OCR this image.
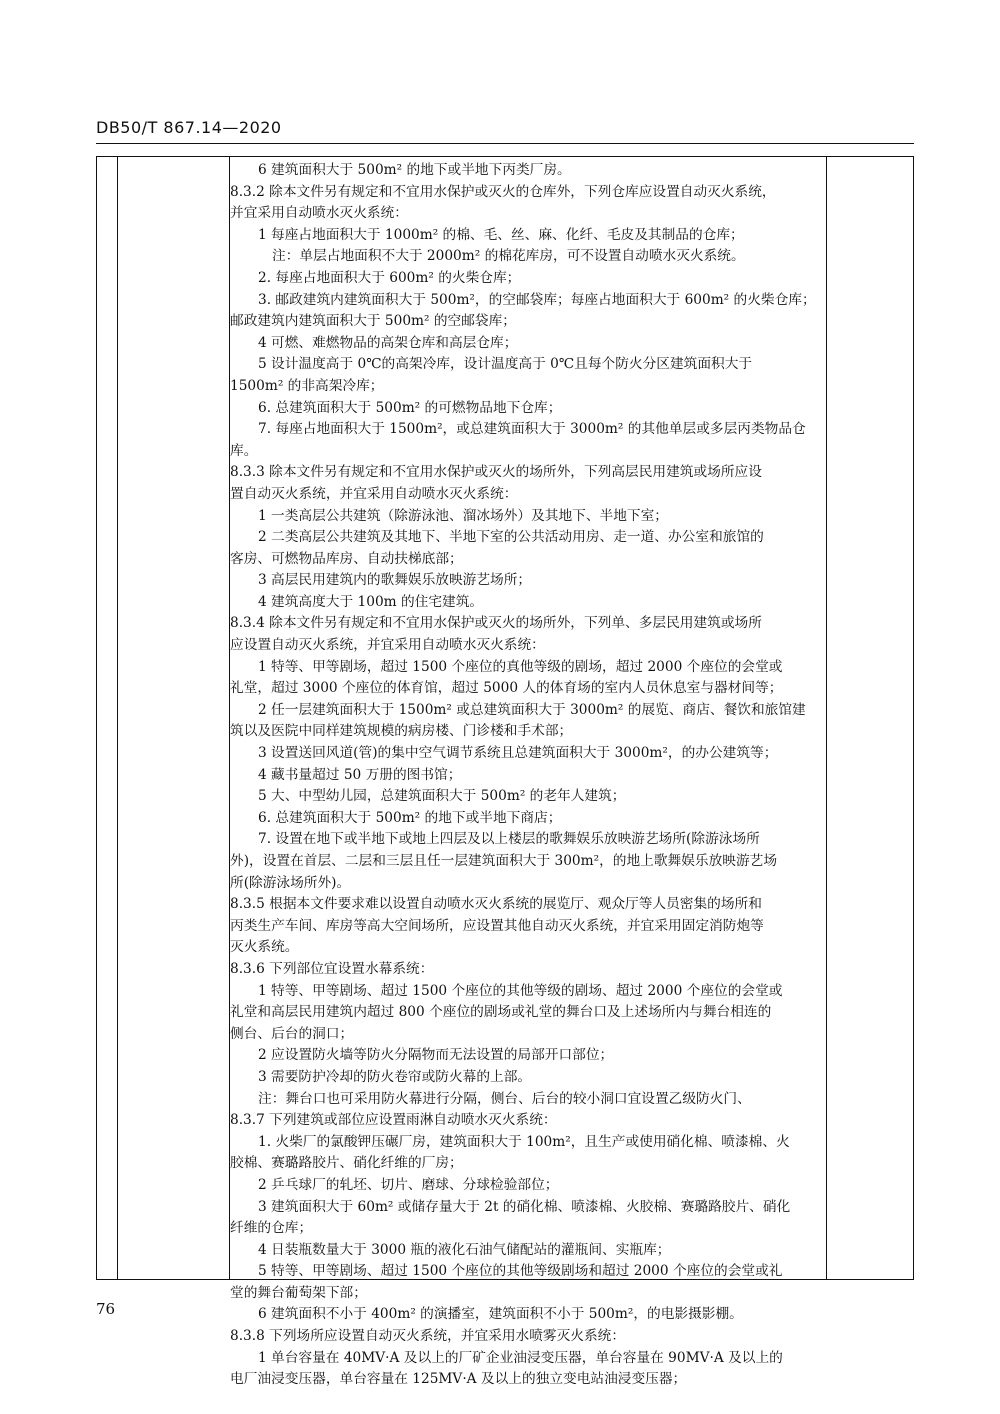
DB50/T 867.14—2020
6 建筑面积大于 500m² 的地下或半地下丙类厂房。
8.3.2 除本文件另有规定和不宜用水保护或灭火的仓库外，下列仓库应设置自动灭火系统，
并宜采用自动喷水灭火系统：
1 每座占地面积大于 1000m² 的棉、毛、丝、麻、化纤、毛皮及其制品的仓库；
注：单层占地面积不大于 2000m² 的棉花库房，可不设置自动喷水灭火系统。
2. 每座占地面积大于 600m² 的火柴仓库；
3. 邮政建筑内建筑面积大于 500m²，的空邮袋库；每座占地面积大于 600m² 的火柴仓库；
邮政建筑内建筑面积大于 500m² 的空邮袋库；
4 可燃、难燃物品的高架仓库和高层仓库；
5 设计温度高于 0℃的高架冷库，设计温度高于 0℃且每个防火分区建筑面积大于
1500m² 的非高架冷库；
6. 总建筑面积大于 500m² 的可燃物品地下仓库；
7. 每座占地面积大于 1500m²，或总建筑面积大于 3000m² 的其他单层或多层丙类物品仓
库。
8.3.3 除本文件另有规定和不宜用水保护或灭火的场所外，下列高层民用建筑或场所应设
置自动灭火系统，并宜采用自动喷水灭火系统：
1 一类高层公共建筑（除游泳池、溜冰场外）及其地下、半地下室；
2 二类高层公共建筑及其地下、半地下室的公共活动用房、走一道、办公室和旅馆的
客房、可燃物品库房、自动扶梯底部；
3 高层民用建筑内的歌舞娱乐放映游艺场所；
4 建筑高度大于 100m 的住宅建筑。
8.3.4 除本文件另有规定和不宜用水保护或灭火的场所外，下列单、多层民用建筑或场所
应设置自动灭火系统，并宜采用自动喷水灭火系统：
1 特等、甲等剧场，超过 1500 个座位的真他等级的剧场，超过 2000 个座位的会堂或
礼堂，超过 3000 个座位的体育馆，超过 5000 人的体育场的室内人员休息室与器材间等；
2 任一层建筑面积大于 1500m² 或总建筑面积大于 3000m² 的展览、商店、餐饮和旅馆建
筑以及医院中同样建筑规模的病房楼、门诊楼和手术部；
3 设置送回风道(管)的集中空气调节系统且总建筑面积大于 3000m²，的办公建筑等；
4 藏书量超过 50 万册的图书馆；
5 大、中型幼儿园，总建筑面积大于 500m² 的老年人建筑；
6. 总建筑面积大于 500m² 的地下或半地下商店；
7. 设置在地下或半地下或地上四层及以上楼层的歌舞娱乐放映游艺场所(除游泳场所
外)，设置在首层、二层和三层且任一层建筑面积大于 300m²，的地上歌舞娱乐放映游艺场
所(除游泳场所外)。
8.3.5 根据本文件要求难以设置自动喷水灭火系统的展览厅、观众厅等人员密集的场所和
丙类生产车间、库房等高大空间场所，应设置其他自动灭火系统，并宜采用固定消防炮等
灭火系统。
8.3.6 下列部位宜设置水幕系统：
1 特等、甲等剧场、超过 1500 个座位的其他等级的剧场、超过 2000 个座位的会堂或
礼堂和高层民用建筑内超过 800 个座位的剧场或礼堂的舞台口及上述场所内与舞台相连的
侧台、后台的洞口；
2 应设置防火墙等防火分隔物而无法设置的局部开口部位；
3 需要防护冷却的防火卷帘或防火幕的上部。
注：舞台口也可采用防火幕进行分隔，侧台、后台的较小洞口宜设置乙级防火门、
8.3.7 下列建筑或部位应设置雨淋自动喷水灭火系统：
1. 火柴厂的氯酸钾压碾厂房，建筑面积大于 100m²，且生产或使用硝化棉、喷漆棉、火
胶棉、赛璐路胶片、硝化纤维的厂房；
2 乒乓球厂的轧坯、切片、磨球、分球检验部位；
3 建筑面积大于 60m² 或储存量大于 2t 的硝化棉、喷漆棉、火胶棉、赛璐路胶片、硝化
纤维的仓库；
4 日装瓶数量大于 3000 瓶的液化石油气储配站的灌瓶间、实瓶库；
5 特等、甲等剧场、超过 1500 个座位的其他等级剧场和超过 2000 个座位的会堂或礼
堂的舞台葡萄架下部；
6 建筑面积不小于 400m² 的演播室，建筑面积不小于 500m²，的电影摄影棚。
8.3.8 下列场所应设置自动灭火系统，并宜采用水喷雾灭火系统：
1 单台容量在 40MV·A 及以上的厂矿企业油浸变压器，单台容量在 90MV·A 及以上的
电厂油浸变压器，单台容量在 125MV·A 及以上的独立变电站油浸变压器；
76
